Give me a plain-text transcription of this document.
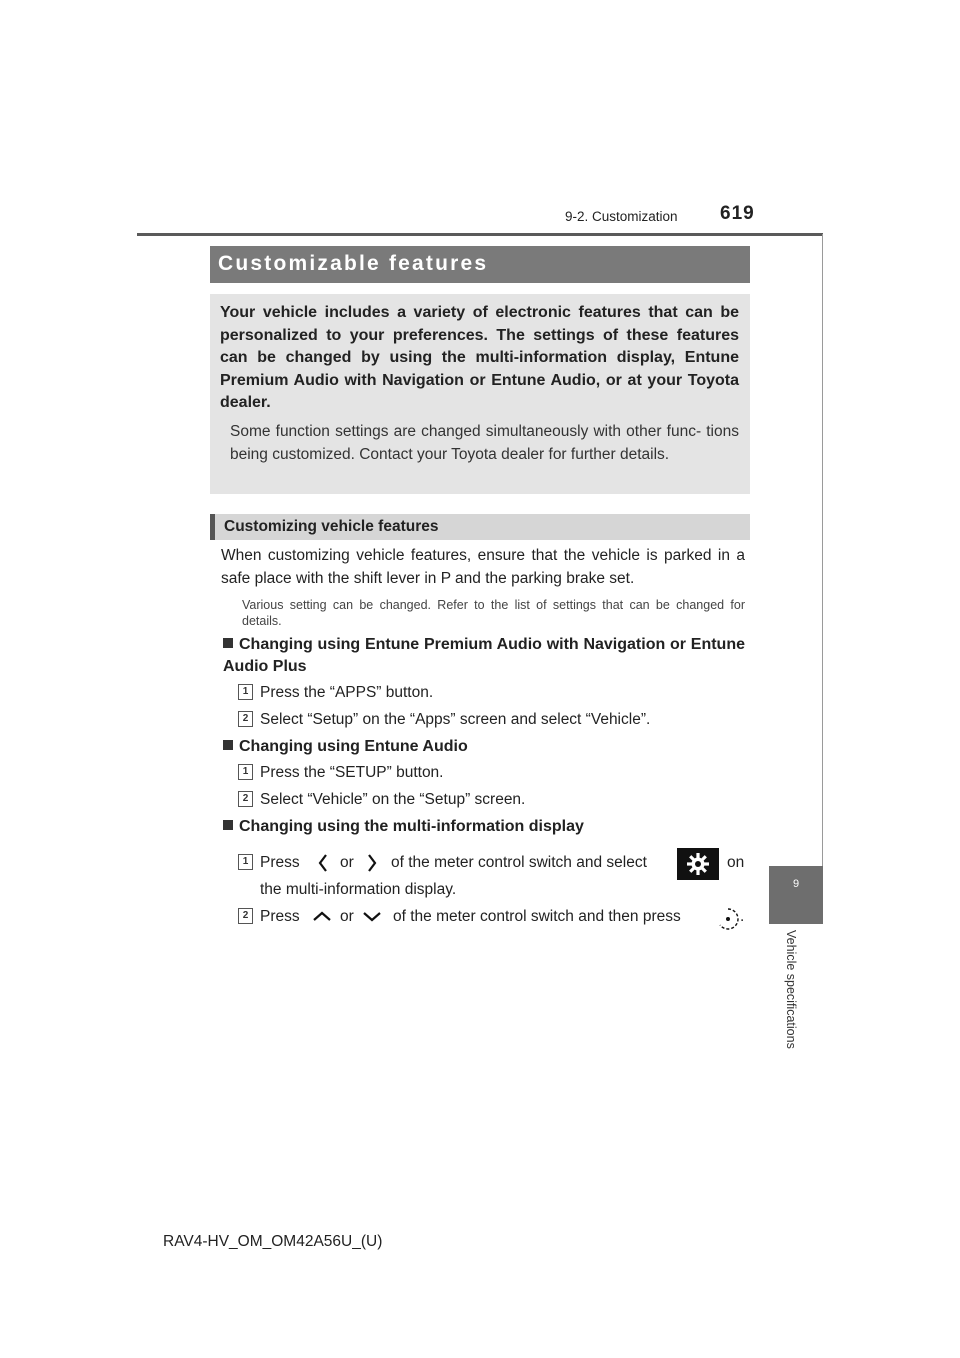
9-2. Customization 619
9
Vehicle specifications
Customizable features
Your vehicle includes a variety of electronic features that can be personalized to your preferences. The settings of these features can be changed by using the multi-information display, Entune Premium Audio with Navigation or Entune Audio, or at your Toyota dealer.
Some function settings are changed simultaneously with other func- tions being customized. Contact your Toyota dealer for further details.
Customizing vehicle features
When customizing vehicle features, ensure that the vehicle is parked in a safe place with the shift lever in P and the parking brake set.
Various setting can be changed. Refer to the list of settings that can be changed for details.
Changing using Entune Premium Audio with Navigation or Entune Audio Plus
1 Press the “APPS” button.
2 Select “Setup” on the “Apps” screen and select “Vehicle”.
Changing using Entune Audio
1 Press the “SETUP” button.
2 Select “Vehicle” on the “Setup” screen.
Changing using the multi-information display
1 Press	or of the meter control switch and select	on
the multi-information display.
2 Press	or	of the meter control switch and then press	.
RAV4-HV_OM_OM42A56U_(U)
